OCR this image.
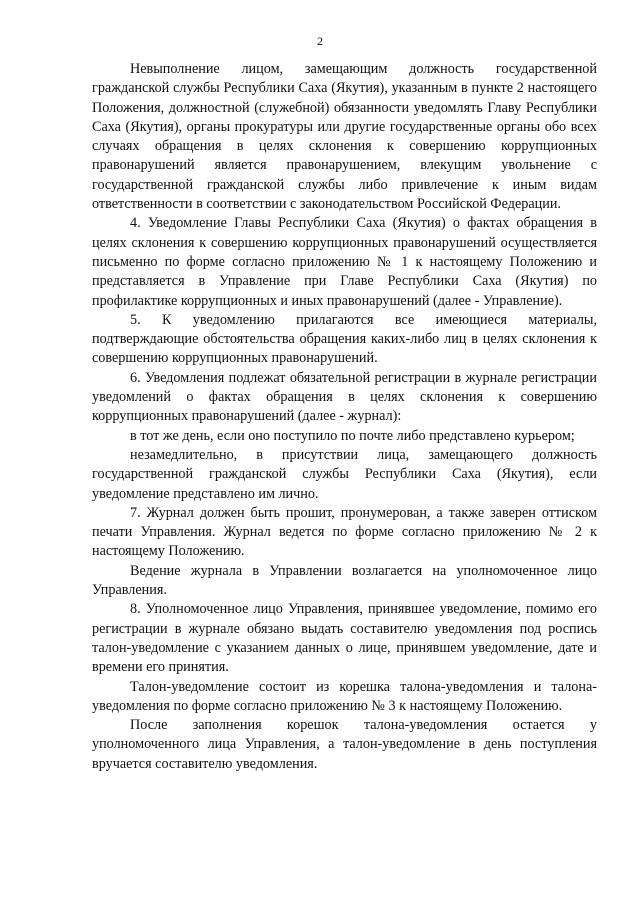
2

Невыполнение лицом, замещающим должность государственной гражданской службы Республики Саха (Якутия), указанным в пункте 2 настоящего Положения, должностной (служебной) обязанности уведомлять Главу Республики Саха (Якутия), органы прокуратуры или другие государственные органы обо всех случаях обращения в целях склонения к совершению коррупционных правонарушений является правонарушением, влекущим увольнение с государственной гражданской службы либо привлечение к иным видам ответственности в соответствии с законодательством Российской Федерации.

4. Уведомление Главы Республики Саха (Якутия) о фактах обращения в целях склонения к совершению коррупционных правонарушений осуществляется письменно по форме согласно приложению № 1 к настоящему Положению и представляется в Управление при Главе Республики Саха (Якутия) по профилактике коррупционных и иных правонарушений (далее - Управление).

5. К уведомлению прилагаются все имеющиеся материалы, подтверждающие обстоятельства обращения каких-либо лиц в целях склонения к совершению коррупционных правонарушений.

6. Уведомления подлежат обязательной регистрации в журнале регистрации уведомлений о фактах обращения в целях склонения к совершению коррупционных правонарушений (далее - журнал):

в тот же день, если оно поступило по почте либо представлено курьером;

незамедлительно, в присутствии лица, замещающего должность государственной гражданской службы Республики Саха (Якутия), если уведомление представлено им лично.

7. Журнал должен быть прошит, пронумерован, а также заверен оттиском печати Управления. Журнал ведется по форме согласно приложению № 2 к настоящему Положению.

Ведение журнала в Управлении возлагается на уполномоченное лицо Управления.

8. Уполномоченное лицо Управления, принявшее уведомление, помимо его регистрации в журнале обязано выдать составителю уведомления под роспись талон-уведомление с указанием данных о лице, принявшем уведомление, дате и времени его принятия.

Талон-уведомление состоит из корешка талона-уведомления и талона-уведомления по форме согласно приложению № 3 к настоящему Положению.

После заполнения корешок талона-уведомления остается у уполномоченного лица Управления, а талон-уведомление в день поступления вручается составителю уведомления.
